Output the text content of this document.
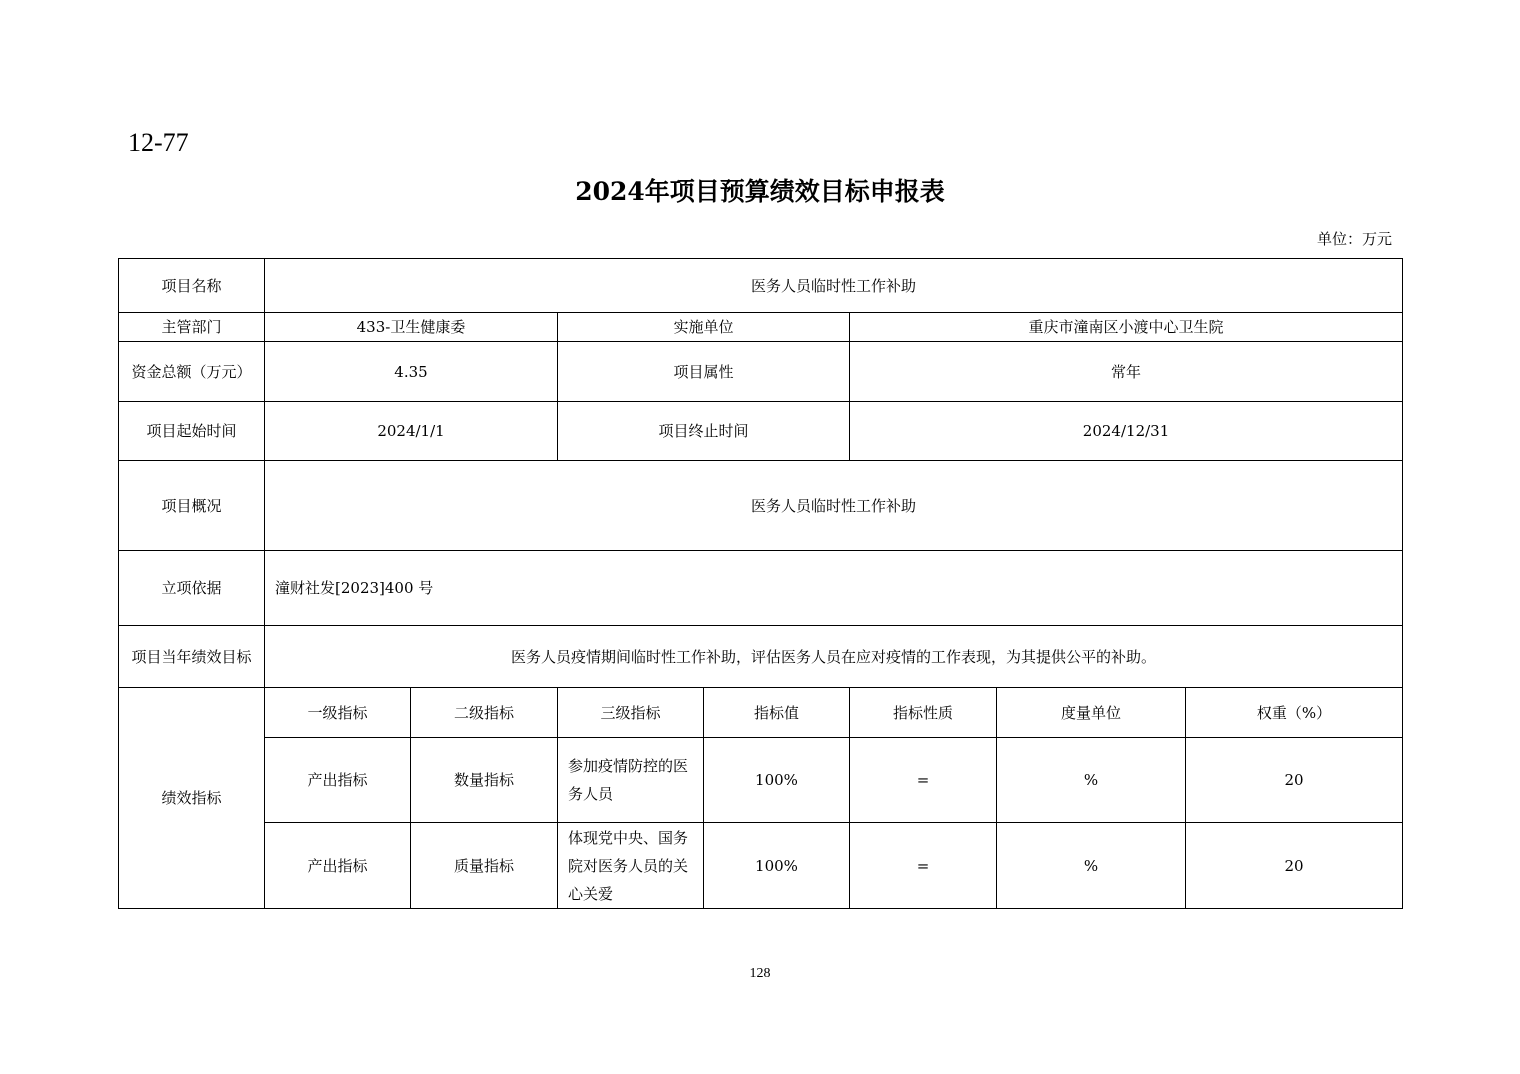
12-77
2024年项目预算绩效目标申报表
单位：万元
项目名称	医务人员临时性工作补助						
主管部门	433-卫生健康委		实施单位		重庆市潼南区小渡中心卫生院		
资金总额（万元）	4.35		项目属性		常年		
项目起始时间	2024/1/1		项目终止时间		2024/12/31		
项目概况	医务人员临时性工作补助						
立项依据	潼财社发[2023]400 号						
项目当年绩效目标	医务人员疫情期间临时性工作补助，评估医务人员在应对疫情的工作表现，为其提供公平的补助。						
绩效指标	一级指标	二级指标	三级指标	指标值	指标性质	度量单位	权重（%）
	产出指标	数量指标	参加疫情防控的医务人员	100%	=	%	20
	产出指标	质量指标	体现党中央、国务院对医务人员的关心关爱	100%	=	%	20
128
